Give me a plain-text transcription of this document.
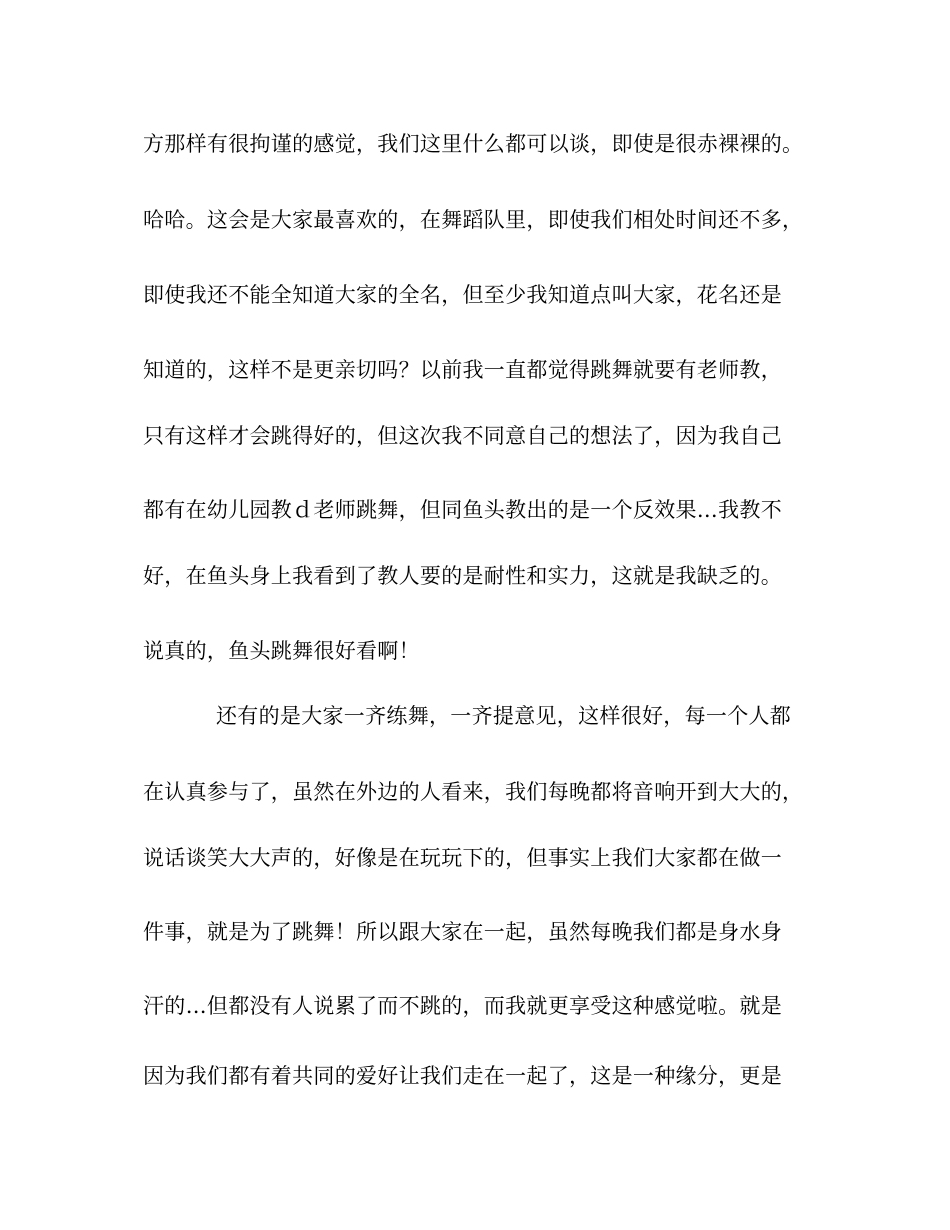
方那样有很拘谨的感觉，我们这里什么都可以谈，即使是很赤裸裸的。
哈哈。这会是大家最喜欢的，在舞蹈队里，即使我们相处时间还不多，
即使我还不能全知道大家的全名，但至少我知道点叫大家，花名还是
知道的，这样不是更亲切吗？以前我一直都觉得跳舞就要有老师教，
只有这样才会跳得好的，但这次我不同意自己的想法了，因为我自己
都有在幼儿园教ｄ老师跳舞，但同鱼头教出的是一个反效果…我教不
好，在鱼头身上我看到了教人要的是耐性和实力，这就是我缺乏的。
说真的，鱼头跳舞很好看啊！
还有的是大家一齐练舞，一齐提意见，这样很好，每一个人都
在认真参与了，虽然在外边的人看来，我们每晚都将音响开到大大的，
说话谈笑大大声的，好像是在玩玩下的，但事实上我们大家都在做一
件事，就是为了跳舞！所以跟大家在一起，虽然每晚我们都是身水身
汗的…但都没有人说累了而不跳的，而我就更享受这种感觉啦。就是
因为我们都有着共同的爱好让我们走在一起了，这是一种缘分，更是
